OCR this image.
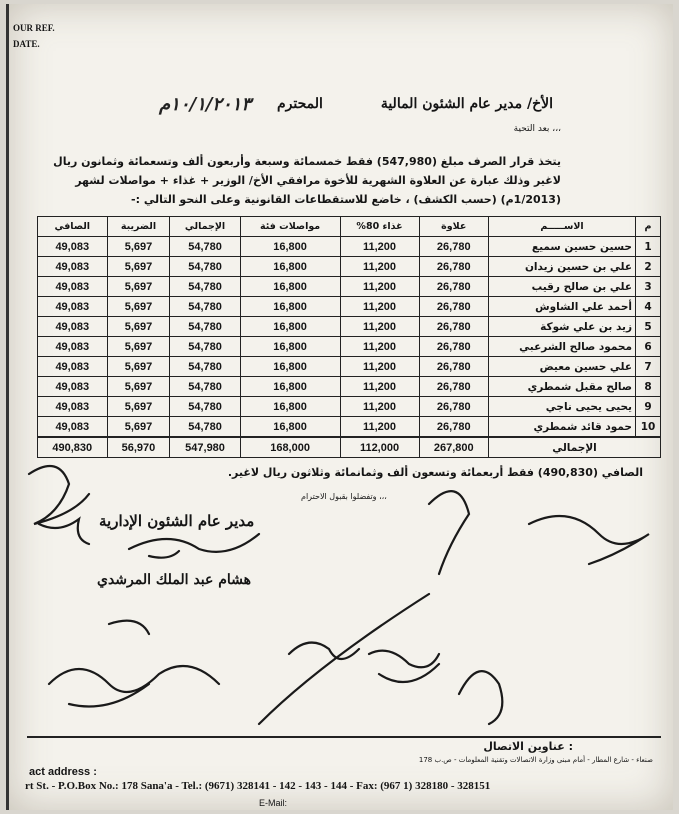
OUR REF.
DATE.
١٠/١/٢٠١٣م المحترم	الأخ/ مدير عام الشئون المالية
بعد التحية ،،،
يتخذ قرار الصرف مبلغ (547,980) فقط خمسمائة وسبعة وأربعون ألف وتسعمائة وثمانون ريال لاغير وذلك عبارة عن العلاوة الشهرية للأخوة مرافقي الأخ/ الوزير + غذاء + مواصلات لشهر (1/2013م) (حسب الكشف) ، خاضع للاستقطاعات القانونية وعلى النحو التالي :-
م	الاســـــم	علاوة	غذاء 80%	مواصلات فئة	الإجمالي	الضريبة	الصافي
1	حسين حسين سميع	26,780	11,200	16,800	54,780	5,697	49,083
2	علي بن حسين زيدان	26,780	11,200	16,800	54,780	5,697	49,083
3	علي بن صالح رقيب	26,780	11,200	16,800	54,780	5,697	49,083
4	أحمد علي الشاوش	26,780	11,200	16,800	54,780	5,697	49,083
5	زيد بن علي شوكة	26,780	11,200	16,800	54,780	5,697	49,083
6	محمود صالح الشرعبي	26,780	11,200	16,800	54,780	5,697	49,083
7	علي حسين معيض	26,780	11,200	16,800	54,780	5,697	49,083
8	صالح مقبل شمطري	26,780	11,200	16,800	54,780	5,697	49,083
9	يحيى يحيى ناجي	26,780	11,200	16,800	54,780	5,697	49,083
10	حمود قائد شمطري	26,780	11,200	16,800	54,780	5,697	49,083
الإجمالي		267,800	112,000	168,000	547,980	56,970	490,830
الصافي (490,830) فقط أربعمائة وتسعون ألف وثمانمائة وثلاثون ريال لاغير.
وتفضلوا بقبول الاحترام ،،،
مدير عام الشئون الإدارية
هشام عبد الملك المرشدي
عناوين الاتصال :
صنعاء - شارع المطار - أمام مبنى وزارة الاتصالات وتقنية المعلومات - ص.ب 178
act address :
rt St. - P.O.Box No.: 178 Sana'a - Tel.: (9671) 328141 - 142 - 143 - 144 - Fax: (967 1) 328180 - 328151
E-Mail:
